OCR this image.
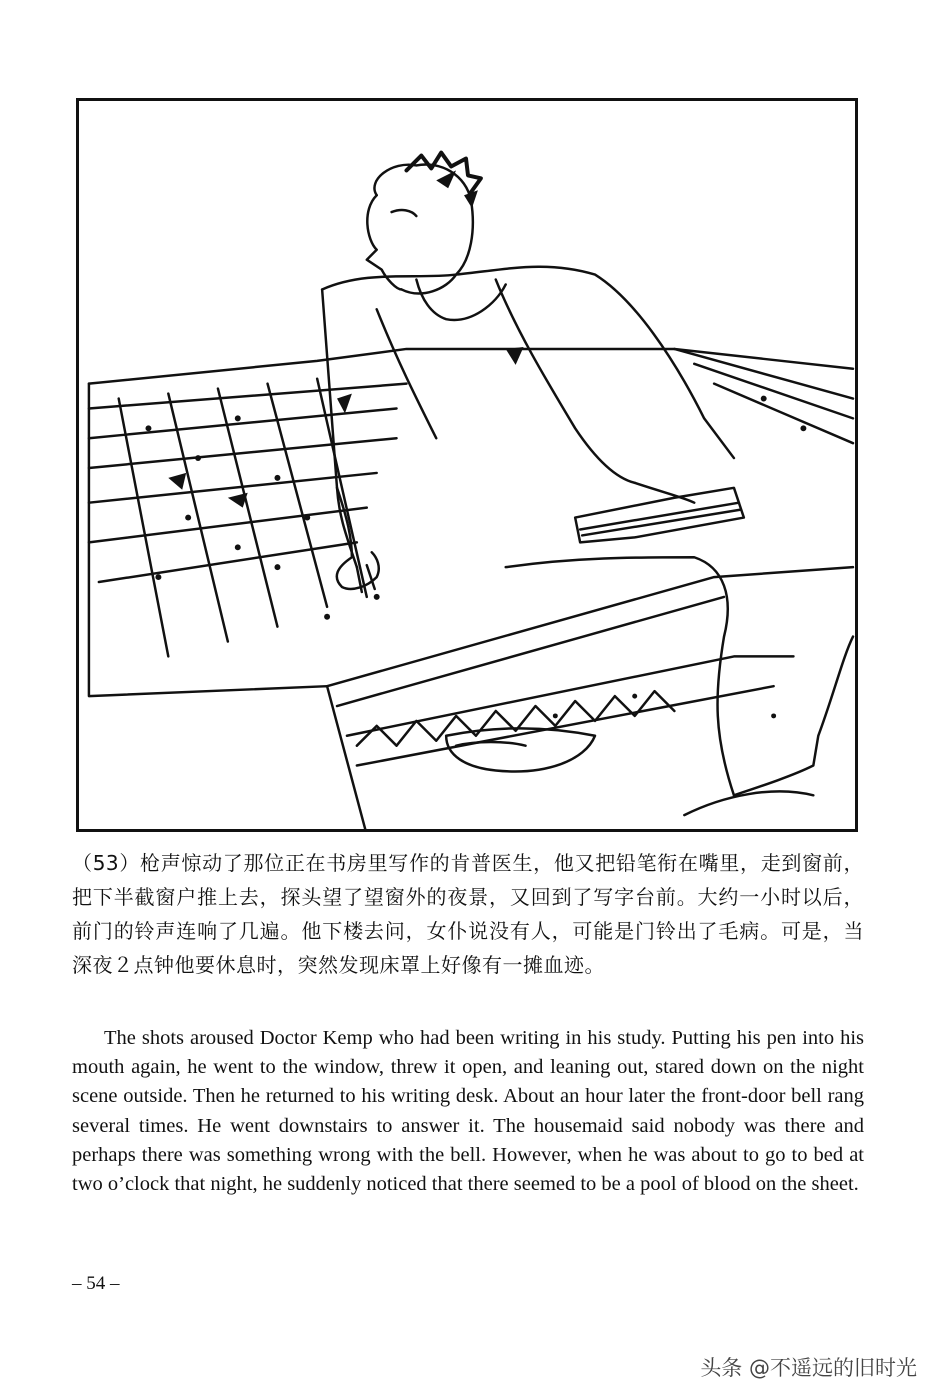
（53）枪声惊动了那位正在书房里写作的肯普医生，他又把铅笔衔在嘴里，走到窗前，把下半截窗户推上去，探头望了望窗外的夜景，又回到了写字台前。大约一小时以后，前门的铃声连响了几遍。他下楼去问，女仆说没有人，可能是门铃出了毛病。可是，当深夜２点钟他要休息时，突然发现床罩上好像有一摊血迹。

The shots aroused Doctor Kemp who had been writing in his study. Putting his pen into his mouth again, he went to the window, threw it open, and leaning out, stared down on the night scene outside. Then he returned to his writing desk. About an hour later the front-door bell rang several times. He went downstairs to answer it. The housemaid said nobody was there and perhaps there was something wrong with the bell. However, when he was about to go to bed at two o’clock that night, he suddenly noticed that there seemed to be a pool of blood on the sheet.

– 54 –
头条 @不遥远的旧时光
